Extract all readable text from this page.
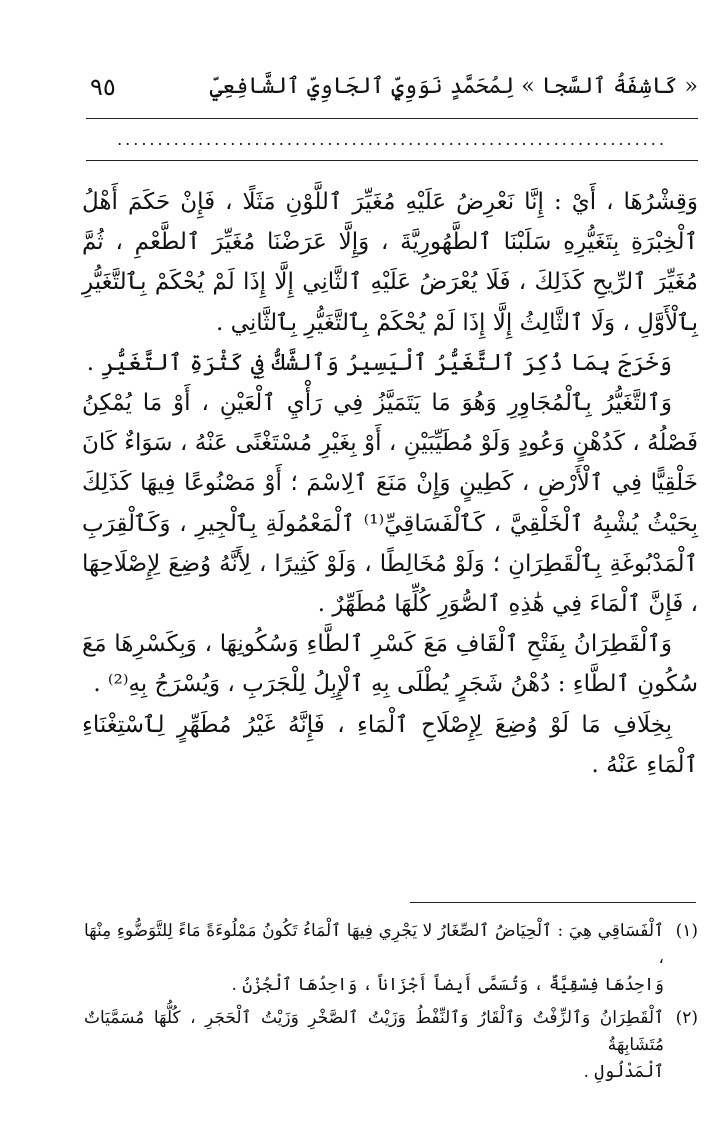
« كَاشِفَةُ ٱلسَّجا » لِمُحَمَّدٍ نَوَوِيٍّ ٱلجَاوِيِّ ٱلشَّافِعِيِّ
٩٥
....................................................................

وَقِشْرُهَا ، أَيْ : إِنَّا نَعْرِضُ عَلَيْهِ مُغَيِّرَ ٱللَّوْنِ مَثَلًا ، فَإِنْ حَكَمَ أَهْلُ ٱلْخِبْرَةِ بِتَغَيُّرِهِ سَلَبْنَا ٱلطَّهُورِيَّةَ ، وَإِلَّا عَرَضْنَا مُغَيِّرَ ٱلطَّعْمِ ، ثُمَّ مُغَيِّرَ ٱلرِّيحِ كَذَلِكَ ، فَلَا يُعْرَضُ عَلَيْهِ ٱلثَّانِي إِلَّا إِذَا لَمْ يُحْكَمْ بِٱلتَّغَيُّرِ بِٱلْأَوَّلِ ، وَلَا ٱلثَّالِثُ إِلَّا إِذَا لَمْ يُحْكَمْ بِٱلتَّغَيُّرِ بِٱلثَّانِي .

وَخَرَجَ بِمَا ذُكِرَ ٱلتَّغَيُّرُ ٱلْيَسِيرُ وَٱلشَّكُّ فِي كَثْرَةِ ٱلتَّغَيُّرِ .

وَٱلتَّغَيُّرُ بِٱلْمُجَاوِرِ وَهُوَ مَا يَتَمَيَّزُ فِي رَأْيِ ٱلْعَيْنِ ، أَوْ مَا يُمْكِنُ فَصْلُهُ ، كَدُهْنٍ وَعُودٍ وَلَوْ مُطَيِّبَيْنِ ، أَوْ بِغَيْرِ مُسْتَغْنًى عَنْهُ ، سَوَاءٌ كَانَ خَلْقِيًّا فِي ٱلْأَرْضِ ، كَطِينٍ وَإِنْ مَنَعَ ٱلِاسْمَ ؛ أَوْ مَصْنُوعًا فِيهَا كَذَلِكَ بِحَيْثُ يُشْبِهُ ٱلْخَلْقِيَّ ، كَٱلْفَسَاقِيِّ⁽¹⁾ ٱلْمَعْمُولَةِ بِٱلْجِيرِ ، وَكَٱلْقِرَبِ ٱلْمَدْبُوغَةِ بِٱلْقَطِرَانِ ؛ وَلَوْ مُخَالِطًا ، وَلَوْ كَثِيرًا ، لِأَنَّهُ وُضِعَ لِإِصْلَاحِهَا ، فَإِنَّ ٱلْمَاءَ فِي هَٰذِهِ ٱلصُّوَرِ كُلِّهَا مُطَهِّرٌ .

وَٱلْقَطِرَانُ بِفَتْحِ ٱلْقَافِ مَعَ كَسْرِ ٱلطَّاءِ وَسُكُونِهَا ، وَبِكَسْرِهَا مَعَ سُكُونِ ٱلطَّاءِ : دُهْنُ شَجَرٍ يُطْلَى بِهِ ٱلْإِبِلُ لِلْجَرَبِ ، وَيُسْرَجُ بِهِ⁽²⁾ .

بِخِلَافِ مَا لَوْ وُضِعَ لِإِصْلَاحِ ٱلْمَاءِ ، فَإِنَّهُ غَيْرُ مُطَهِّرٍ لِٱسْتِغْنَاءِ ٱلْمَاءِ عَنْهُ .

(١)
ٱلْفَسَاقِي هِيَ : ٱلْحِيَاضُ ٱلصِّغَارُ لا يَجْرِي فِيهَا ٱلْمَاءُ تَكُونُ مَمْلُوءَةً مَاءً لِلتَّوَضُّوءِ مِنْهَا ،
وَاحِدُهَا فِسْقِيَّةٌ ، وَتُسَمَّى أَيضاً أَجْزَاناً ، وَاحِدُهَا ٱلْجُزْنُ .
(٢)
ٱلْقَطِرَانُ وَٱلزِّفْتُ وَٱلْقَارُ وَٱلنِّفْطُ وَزَيْتُ ٱلصَّخْرِ وَزَيْتُ ٱلْحَجَرِ ، كُلُّهَا مُسَمَّيَاتٌ مُتَشَابِهَةُ
ٱلْمَدْلُولِ .
